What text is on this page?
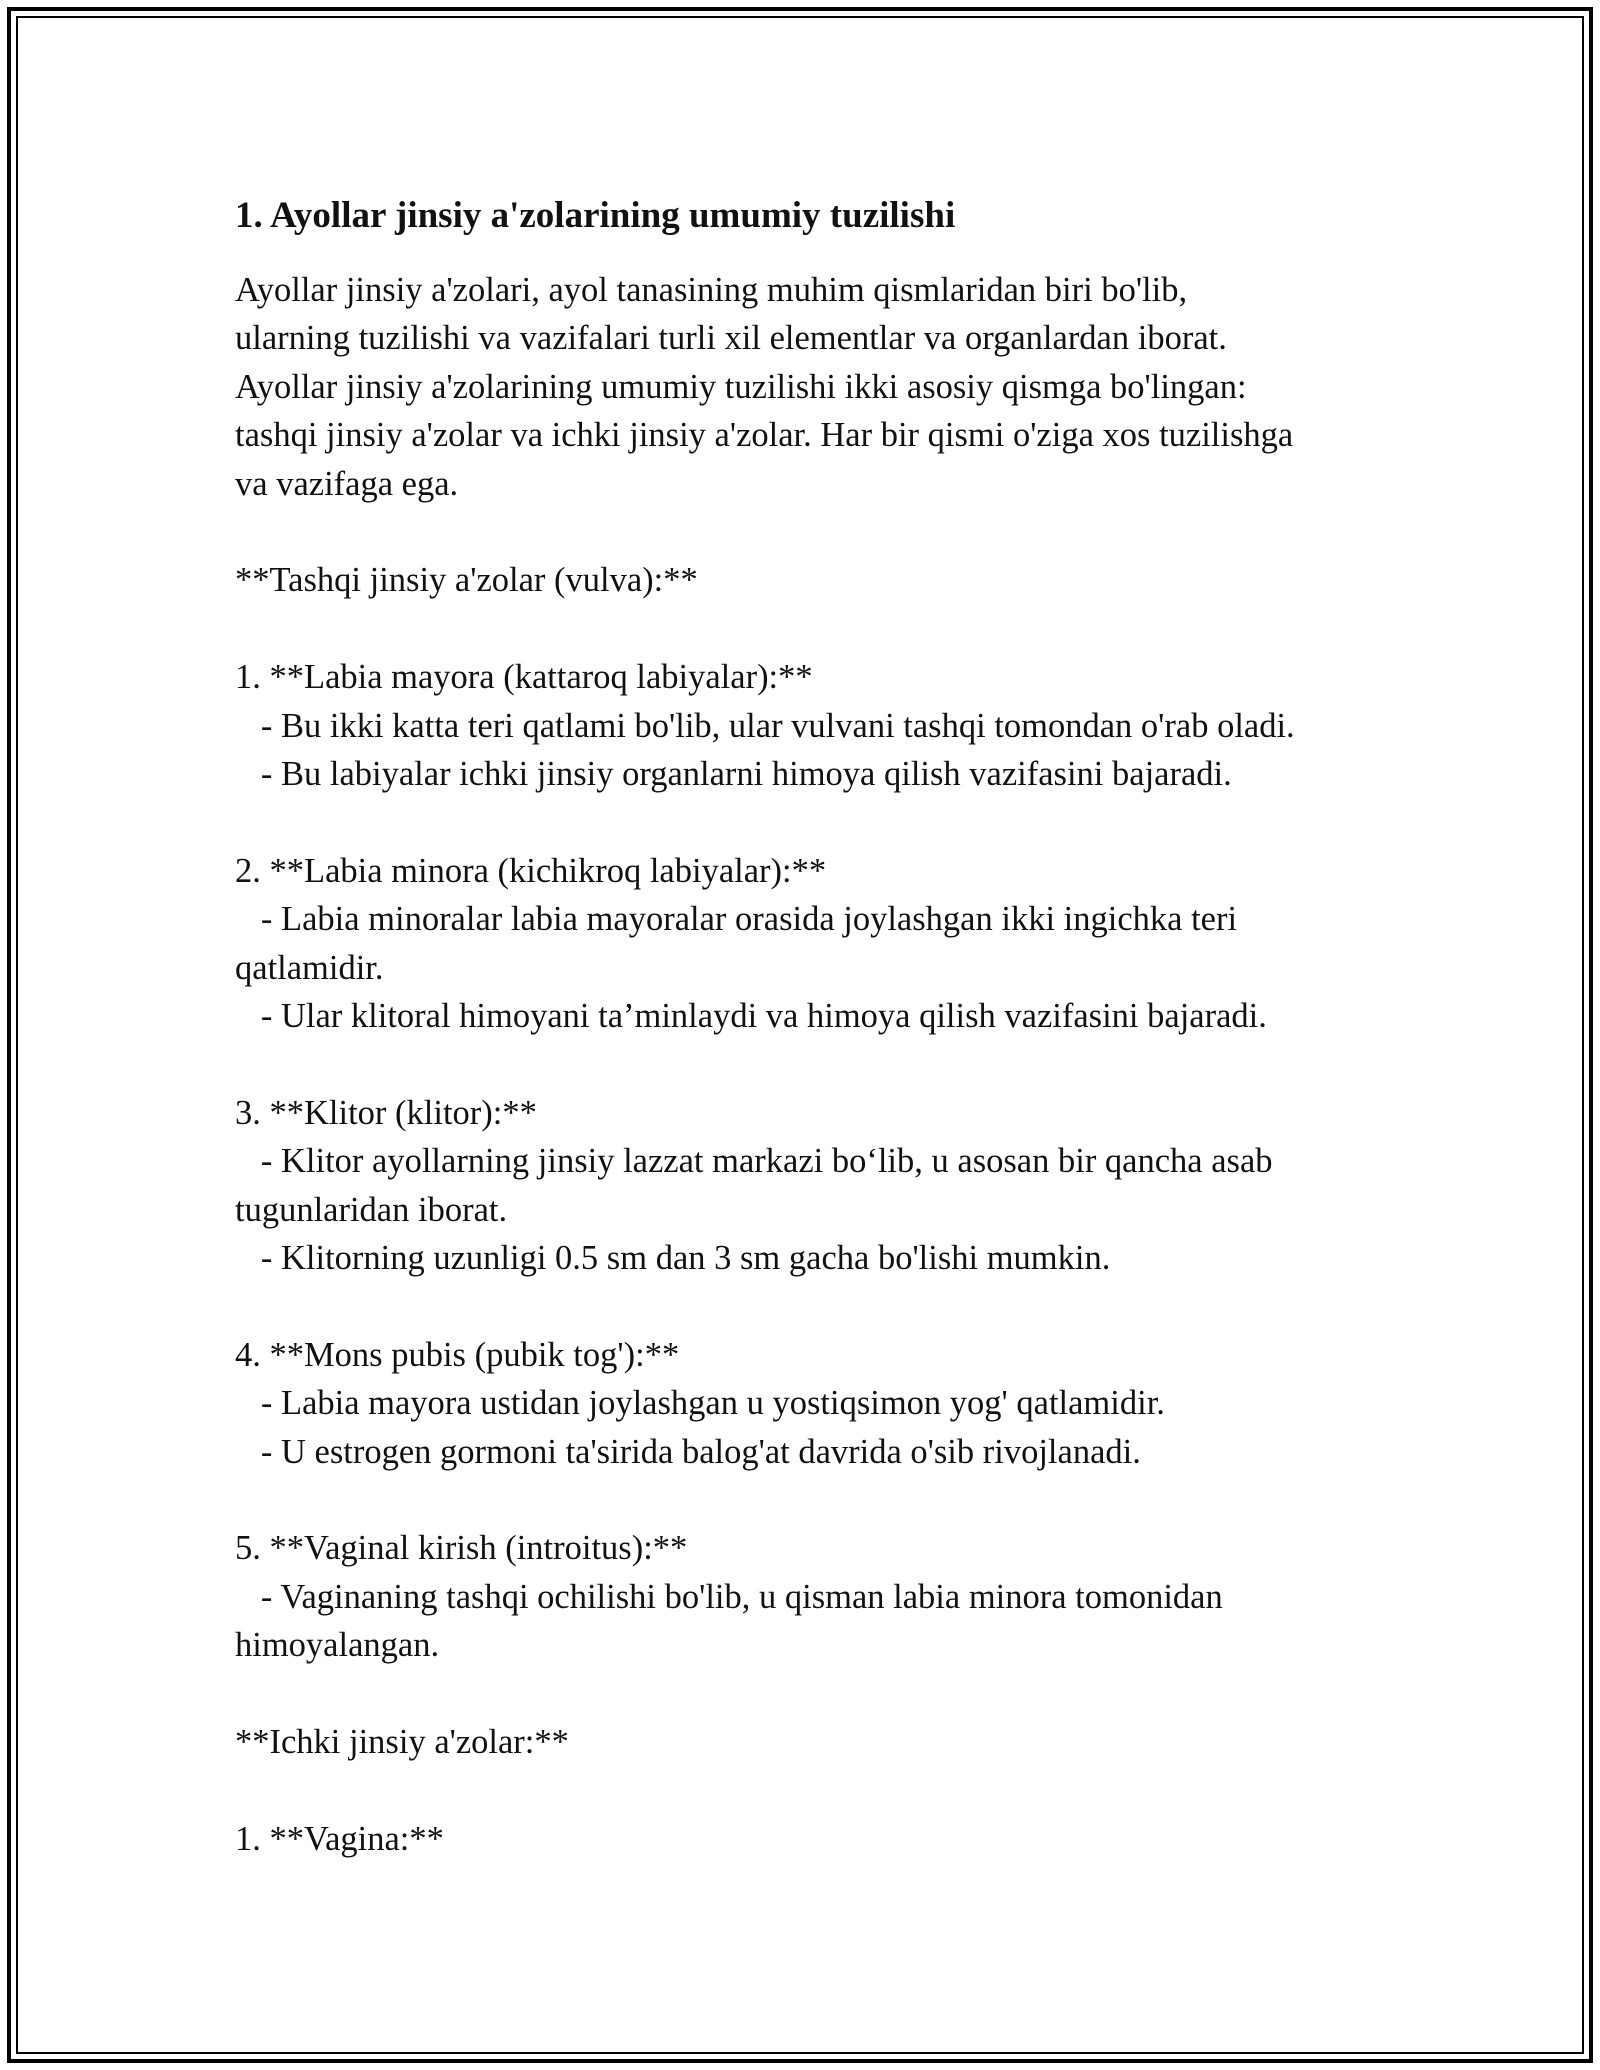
1. Ayollar jinsiy a'zolarining umumiy tuzilishi

Ayollar jinsiy a'zolari, ayol tanasining muhim qismlaridan biri bo'lib,

ularning tuzilishi va vazifalari turli xil elementlar va organlardan iborat.

Ayollar jinsiy a'zolarining umumiy tuzilishi ikki asosiy qismga bo'lingan:

tashqi jinsiy a'zolar va ichki jinsiy a'zolar. Har bir qismi o'ziga xos tuzilishga

va vazifaga ega.

**Tashqi jinsiy a'zolar (vulva):**

1. **Labia mayora (kattaroq labiyalar):**

- Bu ikki katta teri qatlami bo'lib, ular vulvani tashqi tomondan o'rab oladi.

- Bu labiyalar ichki jinsiy organlarni himoya qilish vazifasini bajaradi.

2. **Labia minora (kichikroq labiyalar):**

- Labia minoralar labia mayoralar orasida joylashgan ikki ingichka teri

qatlamidir.

- Ular klitoral himoyani ta’minlaydi va himoya qilish vazifasini bajaradi.

3. **Klitor (klitor):**

- Klitor ayollarning jinsiy lazzat markazi bo‘lib, u asosan bir qancha asab

tugunlaridan iborat.

- Klitorning uzunligi 0.5 sm dan 3 sm gacha bo'lishi mumkin.

4. **Mons pubis (pubik tog'):**

- Labia mayora ustidan joylashgan u yostiqsimon yog' qatlamidir.

- U estrogen gormoni ta'sirida balog'at davrida o'sib rivojlanadi.

5. **Vaginal kirish (introitus):**

- Vaginaning tashqi ochilishi bo'lib, u qisman labia minora tomonidan

himoyalangan.

**Ichki jinsiy a'zolar:**

1. **Vagina:**
